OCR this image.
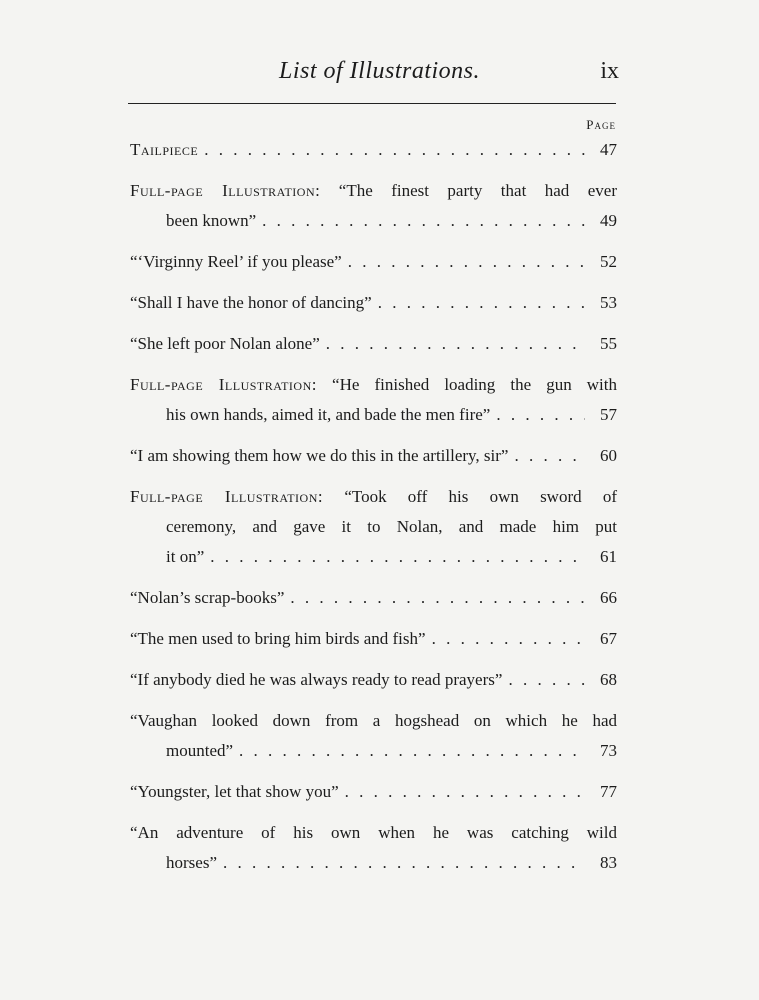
List of Illustrations.	ix
Page
Tailpiece . . .	47
Full-page Illustration: “The finest party that had ever
been known” . . .	49
“‘Virginny Reel’ if you please” . . .	52
“Shall I have the honor of dancing” . . .	53
“She left poor Nolan alone” . . .	55
Full-page Illustration: “He finished loading the gun with
his own hands, aimed it, and bade the men fire” . . .	57
“I am showing them how we do this in the artillery, sir” . . .	60
Full-page Illustration: “Took off his own sword of
ceremony, and gave it to Nolan, and made him put
it on” . . .	61
“Nolan’s scrap-books” . . .	66
“The men used to bring him birds and fish” . . .	67
“If anybody died he was always ready to read prayers” . . .	68
“Vaughan looked down from a hogshead on which he had
mounted” . . .	73
“Youngster, let that show you” . . .	77
“An adventure of his own when he was catching wild
horses” . . .	83
